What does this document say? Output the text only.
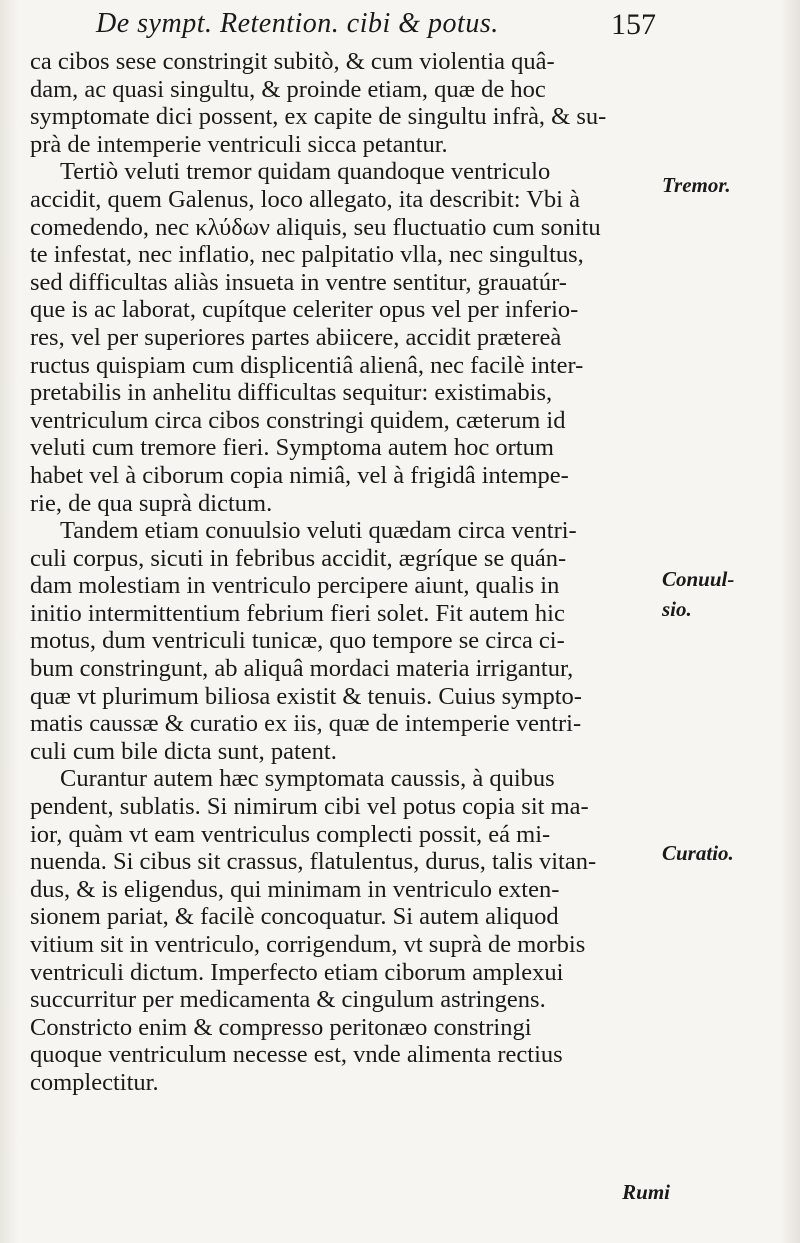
De sympt. Retention. cibi & potus.	157
ca cibos sese constringit subitò, & cum violentia quâ-
dam, ac quasi singultu, & proinde etiam, quæ de hoc
symptomate dici possent, ex capite de singultu infrà, & su-
prà de intemperie ventriculi sicca petantur.
Tertiò veluti tremor quidam quandoque ventriculo
accidit, quem Galenus, loco allegato, ita describit: Vbi à
comedendo, nec κλύδων aliquis, seu fluctuatio cum sonitu
te infestat, nec inflatio, nec palpitatio vlla, nec singultus,
sed difficultas aliàs insueta in ventre sentitur, grauatúr-
que is ac laborat, cupítque celeriter opus vel per inferio-
res, vel per superiores partes abiicere, accidit prætereà
ructus quispiam cum displicentiâ alienâ, nec facilè inter-
pretabilis in anhelitu difficultas sequitur: existimabis,
ventriculum circa cibos constringi quidem, cæterum id
veluti cum tremore fieri. Symptoma autem hoc ortum
habet vel à ciborum copia nimiâ, vel à frigidâ intempe-
rie, de qua suprà dictum.
Tandem etiam conuulsio veluti quædam circa ventri-
culi corpus, sicuti in febribus accidit, ægríque se quán-
dam molestiam in ventriculo percipere aiunt, qualis in
initio intermittentium febrium fieri solet. Fit autem hic
motus, dum ventriculi tunicæ, quo tempore se circa ci-
bum constringunt, ab aliquâ mordaci materia irrigantur,
quæ vt plurimum biliosa existit & tenuis. Cuius sympto-
matis caussæ & curatio ex iis, quæ de intemperie ventri-
culi cum bile dicta sunt, patent.
Curantur autem hæc symptomata caussis, à quibus
pendent, sublatis. Si nimirum cibi vel potus copia sit ma-
ior, quàm vt eam ventriculus complecti possit, eá mi-
nuenda. Si cibus sit crassus, flatulentus, durus, talis vitan-
dus, & is eligendus, qui minimam in ventriculo exten-
sionem pariat, & facilè concoquatur. Si autem aliquod
vitium sit in ventriculo, corrigendum, vt suprà de morbis
ventriculi dictum. Imperfecto etiam ciborum amplexui
succurritur per medicamenta & cingulum astringens.
Constricto enim & compresso peritonæo constringi
quoque ventriculum necesse est, vnde alimenta rectius
complectitur.
Tremor.
Conuul-
sio.
Curatio.
Rumi
